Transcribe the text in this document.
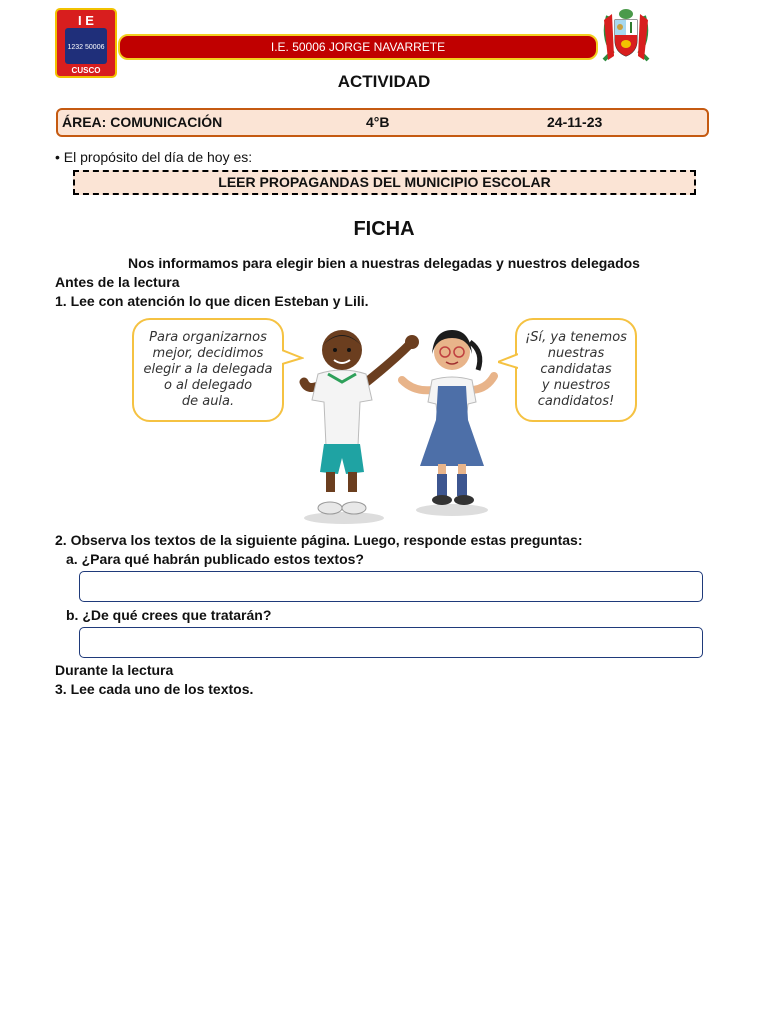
I E
1232 50006
CUSCO
I.E. 50006 JORGE NAVARRETE
ACTIVIDAD
ÁREA: COMUNICACIÓN	4°B	24-11-23
• El propósito del día de hoy es:
LEER PROPAGANDAS DEL MUNICIPIO ESCOLAR
FICHA
Nos informamos para elegir bien a nuestras delegadas y nuestros delegados
Antes de la lectura
1. Lee con atención lo que dicen Esteban y Lili.
Para organizarnos
mejor, decidimos
elegir a la delegada
o al delegado
de aula.
¡Sí, ya tenemos
nuestras
candidatas
y nuestros
candidatos!
2. Observa los textos de la siguiente página. Luego, responde estas preguntas:
a. ¿Para qué habrán publicado estos textos?
b. ¿De qué crees que tratarán?
Durante la lectura
3. Lee cada uno de los textos.
